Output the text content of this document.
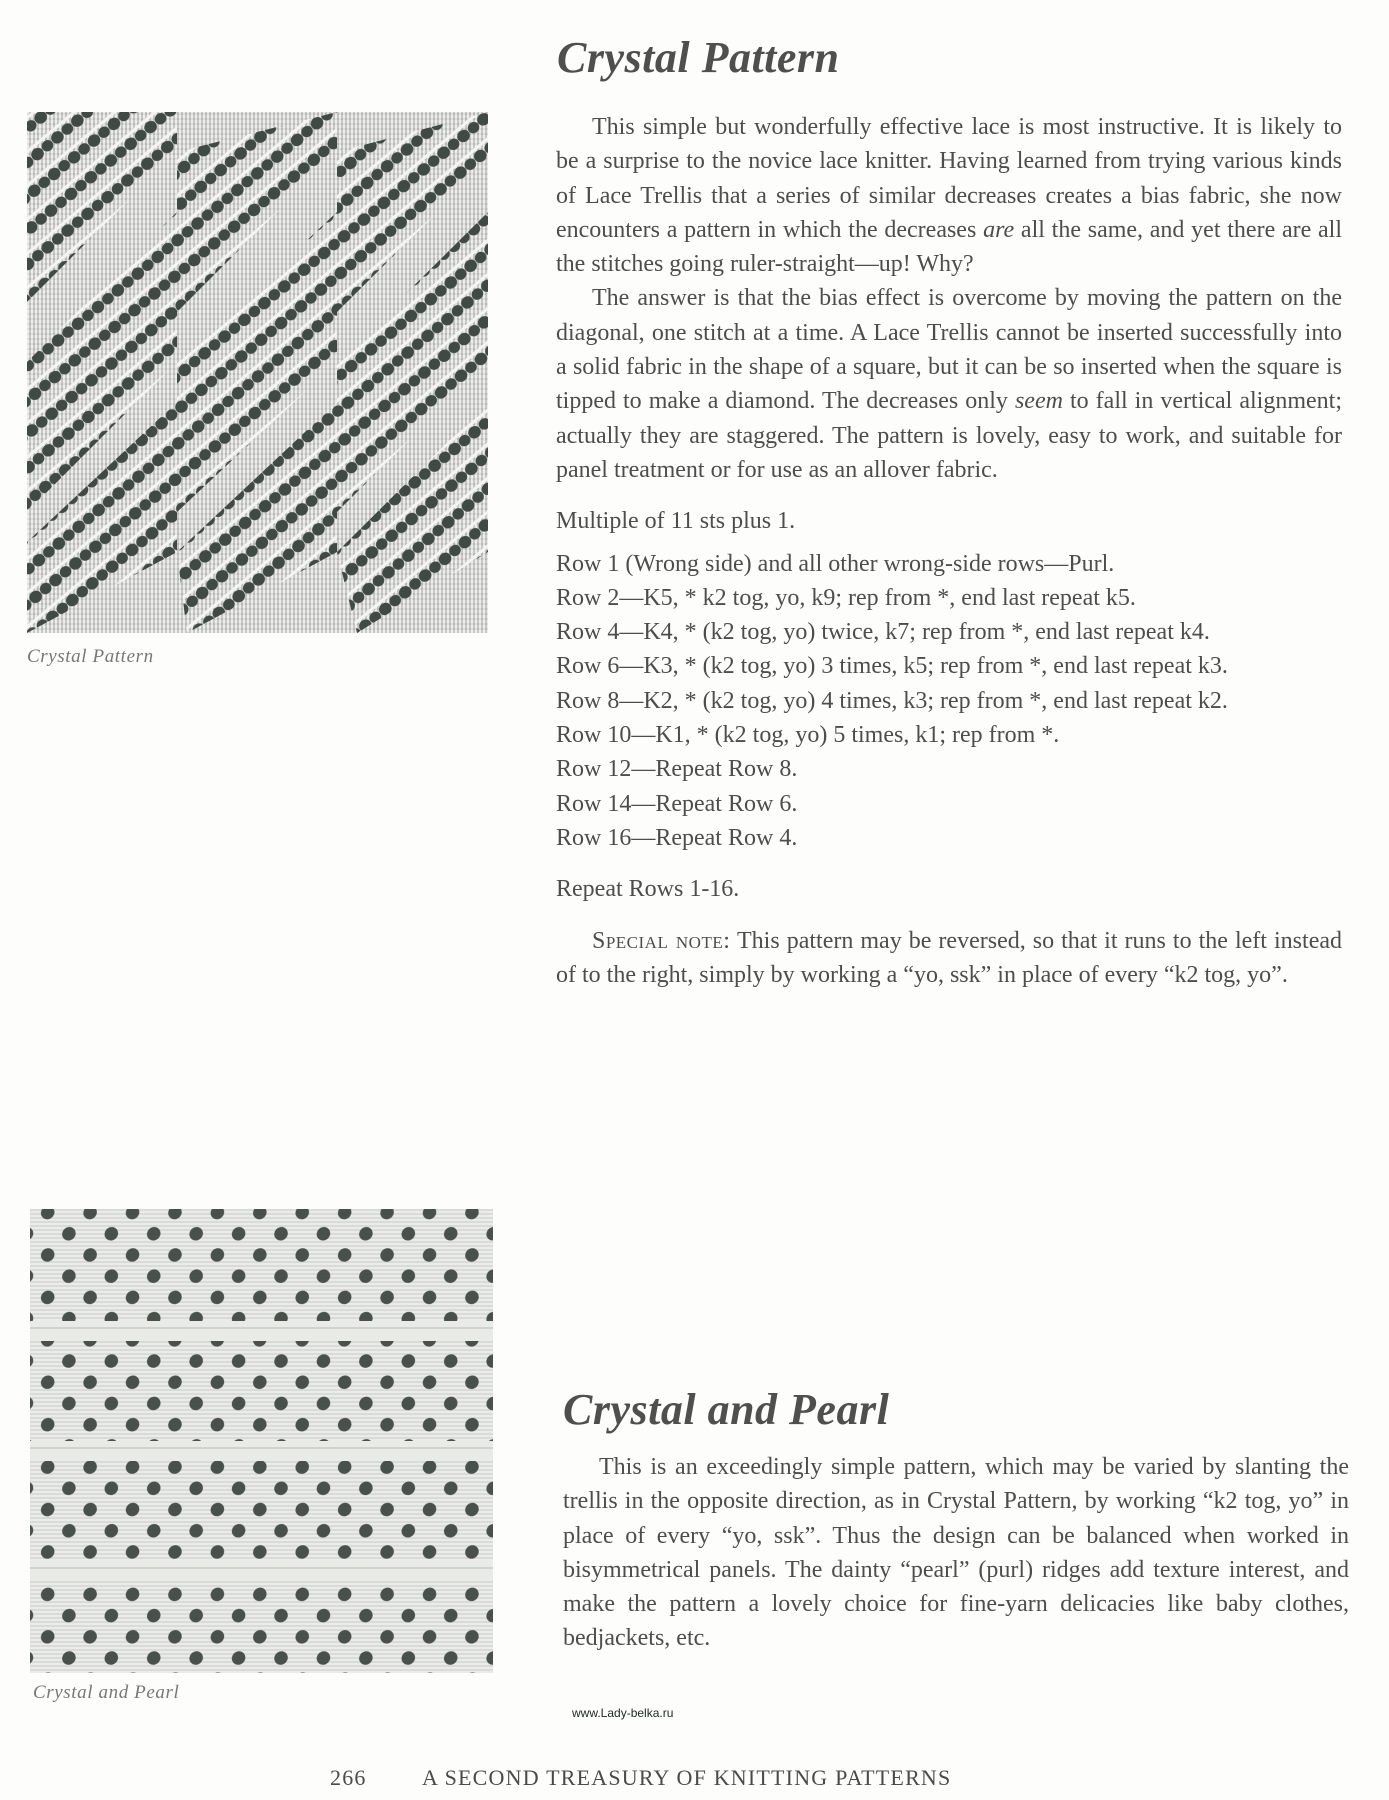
Crystal Pattern
Crystal Pattern

This simple but wonderfully effective lace is most instructive. It is likely to be a surprise to the novice lace knitter. Having learned from trying various kinds of Lace Trellis that a series of similar decreases creates a bias fabric, she now encounters a pattern in which the decreases are all the same, and yet there are all the stitches going ruler-straight—up! Why?

The answer is that the bias effect is overcome by moving the pattern on the diagonal, one stitch at a time. A Lace Trellis cannot be inserted successfully into a solid fabric in the shape of a square, but it can be so inserted when the square is tipped to make a diamond. The decreases only seem to fall in vertical alignment; actually they are staggered. The pattern is lovely, easy to work, and suitable for panel treatment or for use as an allover fabric.

Multiple of 11 sts plus 1.

Row 1 (Wrong side) and all other wrong-side rows—Purl.
Row 2—K5, * k2 tog, yo, k9; rep from *, end last repeat k5.
Row 4—K4, * (k2 tog, yo) twice, k7; rep from *, end last repeat k4.
Row 6—K3, * (k2 tog, yo) 3 times, k5; rep from *, end last repeat k3.
Row 8—K2, * (k2 tog, yo) 4 times, k3; rep from *, end last repeat k2.
Row 10—K1, * (k2 tog, yo) 5 times, k1; rep from *.
Row 12—Repeat Row 8.
Row 14—Repeat Row 6.
Row 16—Repeat Row 4.

Repeat Rows 1-16.

Special note: This pattern may be reversed, so that it runs to the left instead of to the right, simply by working a “yo, ssk” in place of every “k2 tog, yo”.

Crystal and Pearl
Crystal and Pearl

This is an exceedingly simple pattern, which may be varied by slanting the trellis in the opposite direction, as in Crystal Pattern, by working “k2 tog, yo” in place of every “yo, ssk”. Thus the design can be balanced when worked in bisymmetrical panels. The dainty “pearl” (purl) ridges add texture interest, and make the pattern a lovely choice for fine-yarn delicacies like baby clothes, bedjackets, etc.

www.Lady-belka.ru
266	A SECOND TREASURY OF KNITTING PATTERNS
